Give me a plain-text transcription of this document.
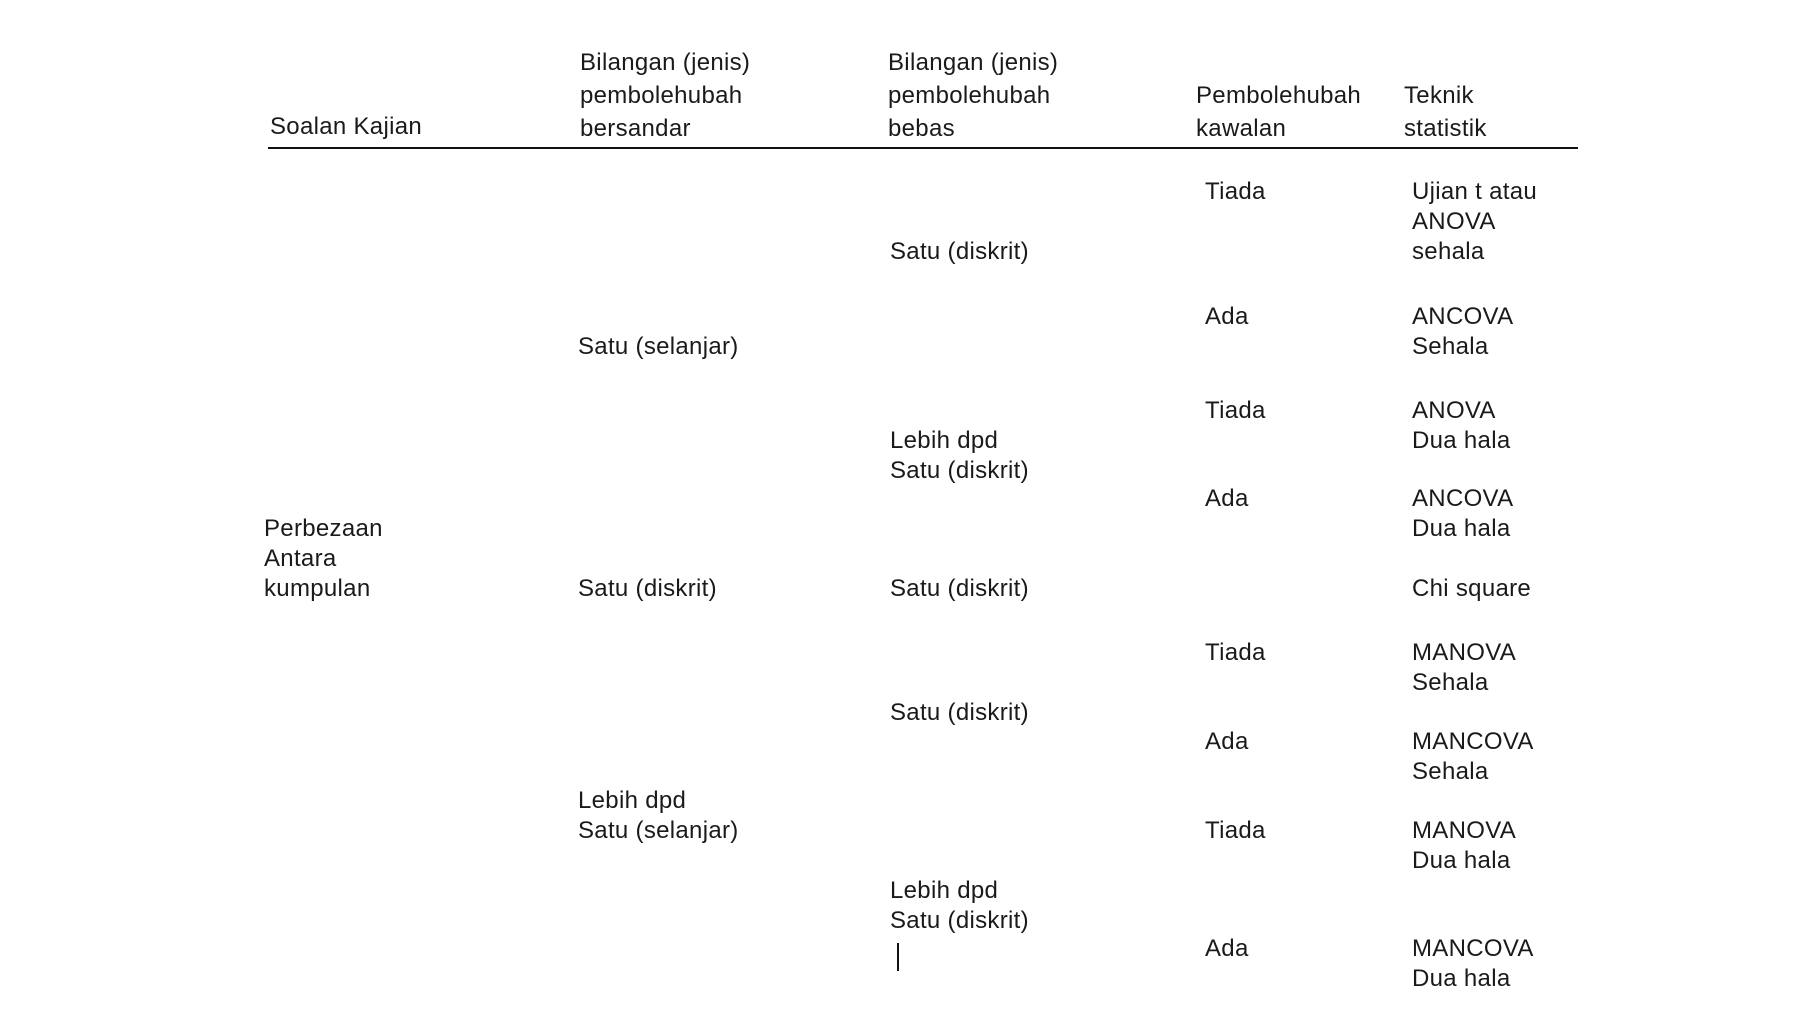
Soalan Kajian
Bilangan (jenis)
pembolehubah
bersandar
Bilangan (jenis)
pembolehubah
bebas
Pembolehubah
kawalan
Teknik
statistik
Perbezaan
Antara
kumpulan
Satu (selanjar)
Satu (diskrit)
Lebih dpd
Satu (selanjar)
Satu (diskrit)
Lebih dpd
Satu (diskrit)
Satu (diskrit)
Satu (diskrit)
Lebih dpd
Satu (diskrit)
Tiada
Ada
Tiada
Ada
Tiada
Ada
Tiada
Ada
Ujian t atau
ANOVA
sehala
ANCOVA
Sehala
ANOVA
Dua hala
ANCOVA
Dua hala
Chi square
MANOVA
Sehala
MANCOVA
Sehala
MANOVA
Dua hala
MANCOVA
Dua hala
